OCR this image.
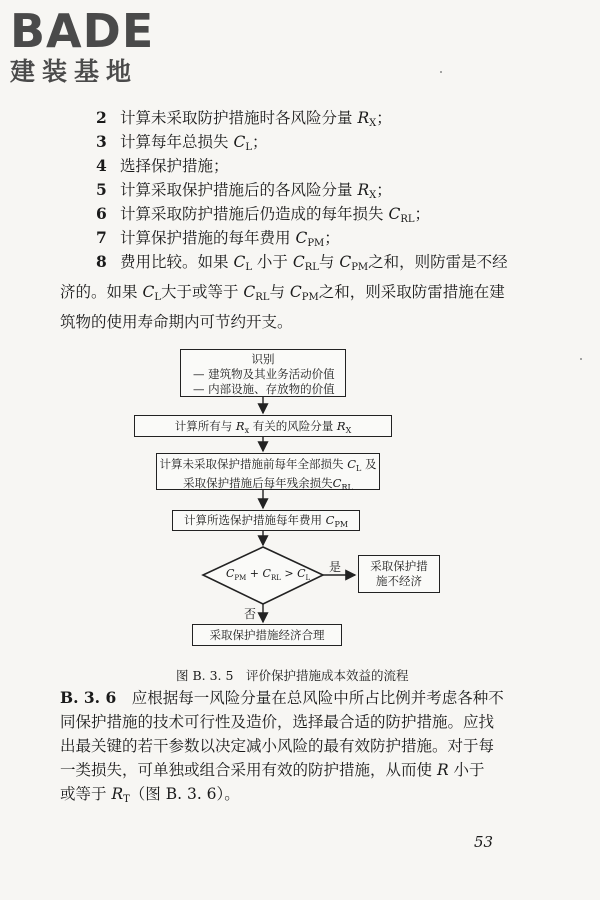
BADE
建装基地
2 计算未采取防护措施时各风险分量 $R_X$；
3 计算每年总损失 $C_L$；
4 选择保护措施；
5 计算采取保护措施后的各风险分量 $R_X$；
6 计算采取防护措施后仍造成的每年损失 $C_{RL}$；
7 计算保护措施的每年费用 $C_{PM}$；
8 费用比较。如果 $C_L$ 小于 $C_{RL}$与 $C_{PM}$之和，则防雷是不经
济的。如果 $C_L$大于或等于 $C_{RL}$与 $C_{PM}$之和，则采取防雷措施在建
筑物的使用寿命期内可节约开支。
识别
— 建筑物及其业务活动价值
— 内部设施、存放物的价值
计算所有与 $R_x$ 有关的风险分量 $R_X$
计算未采取保护措施前每年全部损失 $C_L$ 及
采取保护措施后每年残余损失$C_{RL}$
计算所选保护措施每年费用 $C_{PM}$
$C_{PM} + C_{RL} > C_L$
是
否
采取保护措
施不经济
采取保护措施经济合理
图 B. 3. 5　评价保护措施成本效益的流程
B. 3. 6　应根据每一风险分量在总风险中所占比例并考虑各种不
同保护措施的技术可行性及造价，选择最合适的防护措施。应找
出最关键的若干参数以决定减小风险的最有效防护措施。对于每
一类损失，可单独或组合采用有效的防护措施，从而使 R 小于
或等于 $R_T$（图 B. 3. 6）。
53
